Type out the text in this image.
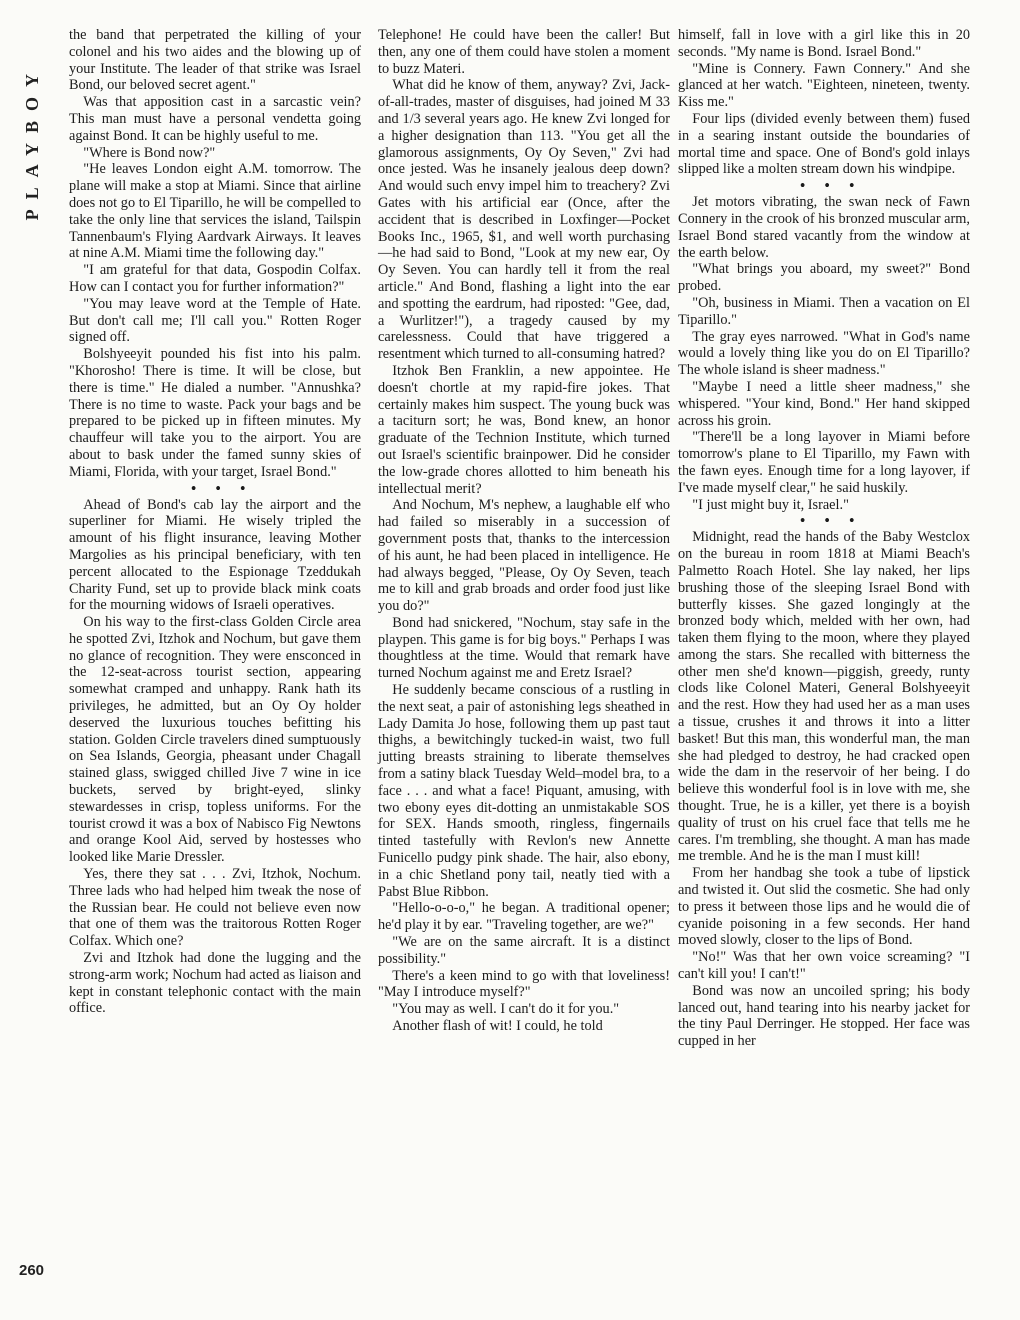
PLAYBOY
260

the band that perpetrated the killing of your colonel and his two aides and the blowing up of your Institute. The leader of that strike was Israel Bond, our beloved secret agent."

Was that apposition cast in a sarcastic vein? This man must have a personal vendetta going against Bond. It can be highly useful to me.

"Where is Bond now?"

"He leaves London eight A.M. tomorrow. The plane will make a stop at Miami. Since that airline does not go to El Tiparillo, he will be compelled to take the only line that services the island, Tailspin Tannenbaum's Flying Aardvark Airways. It leaves at nine A.M. Miami time the following day."

"I am grateful for that data, Gospodin Colfax. How can I contact you for further information?"

"You may leave word at the Temple of Hate. But don't call me; I'll call you." Rotten Roger signed off.

Bolshyeeyit pounded his fist into his palm. "Khorosho! There is time. It will be close, but there is time." He dialed a number. "Annushka? There is no time to waste. Pack your bags and be prepared to be picked up in fifteen minutes. My chauffeur will take you to the airport. You are about to bask under the famed sunny skies of Miami, Florida, with your target, Israel Bond."

• • •

Ahead of Bond's cab lay the airport and the superliner for Miami. He wisely tripled the amount of his flight insurance, leaving Mother Margolies as his principal beneficiary, with ten percent allocated to the Espionage Tzeddukah Charity Fund, set up to provide black mink coats for the mourning widows of Israeli operatives.

On his way to the first-class Golden Circle area he spotted Zvi, Itzhok and Nochum, but gave them no glance of recognition. They were ensconced in the 12-seat-across tourist section, appearing somewhat cramped and unhappy. Rank hath its privileges, he admitted, but an Oy Oy holder deserved the luxurious touches befitting his station. Golden Circle travelers dined sumptuously on Sea Islands, Georgia, pheasant under Chagall stained glass, swigged chilled Jive 7 wine in ice buckets, served by bright-eyed, slinky stewardesses in crisp, topless uniforms. For the tourist crowd it was a box of Nabisco Fig Newtons and orange Kool Aid, served by hostesses who looked like Marie Dressler.

Yes, there they sat . . . Zvi, Itzhok, Nochum. Three lads who had helped him tweak the nose of the Russian bear. He could not believe even now that one of them was the traitorous Rotten Roger Colfax. Which one?

Zvi and Itzhok had done the lugging and the strong-arm work; Nochum had acted as liaison and kept in constant telephonic contact with the main office.

Telephone! He could have been the caller! But then, any one of them could have stolen a moment to buzz Materi.

What did he know of them, anyway? Zvi, Jack-of-all-trades, master of disguises, had joined M 33 and 1/3 several years ago. He knew Zvi longed for a higher designation than 113. "You get all the glamorous assignments, Oy Oy Seven," Zvi had once jested. Was he insanely jealous deep down? And would such envy impel him to treachery? Zvi Gates with his artificial ear (Once, after the accident that is described in Loxfinger—Pocket Books Inc., 1965, $1, and well worth purchasing—he had said to Bond, "Look at my new ear, Oy Oy Seven. You can hardly tell it from the real article." And Bond, flashing a light into the ear and spotting the eardrum, had riposted: "Gee, dad, a Wurlitzer!"), a tragedy caused by my carelessness. Could that have triggered a resentment which turned to all-consuming hatred?

Itzhok Ben Franklin, a new appointee. He doesn't chortle at my rapid-fire jokes. That certainly makes him suspect. The young buck was a taciturn sort; he was, Bond knew, an honor graduate of the Technion Institute, which turned out Israel's scientific brainpower. Did he consider the low-grade chores allotted to him beneath his intellectual merit?

And Nochum, M's nephew, a laughable elf who had failed so miserably in a succession of government posts that, thanks to the intercession of his aunt, he had been placed in intelligence. He had always begged, "Please, Oy Oy Seven, teach me to kill and grab broads and order food just like you do?"

Bond had snickered, "Nochum, stay safe in the playpen. This game is for big boys." Perhaps I was thoughtless at the time. Would that remark have turned Nochum against me and Eretz Israel?

He suddenly became conscious of a rustling in the next seat, a pair of astonishing legs sheathed in Lady Damita Jo hose, following them up past taut thighs, a bewitchingly tucked-in waist, two full jutting breasts straining to liberate themselves from a satiny black Tuesday Weld–model bra, to a face . . . and what a face! Piquant, amusing, with two ebony eyes dit-dotting an unmistakable SOS for SEX. Hands smooth, ringless, fingernails tinted tastefully with Revlon's new Annette Funicello pudgy pink shade. The hair, also ebony, in a chic Shetland pony tail, neatly tied with a Pabst Blue Ribbon.

"Hello-o-o-o," he began. A traditional opener; he'd play it by ear. "Traveling together, are we?"

"We are on the same aircraft. It is a distinct possibility."

There's a keen mind to go with that loveliness! "May I introduce myself?"

"You may as well. I can't do it for you."

Another flash of wit! I could, he told

himself, fall in love with a girl like this in 20 seconds. "My name is Bond. Israel Bond."

"Mine is Connery. Fawn Connery." And she glanced at her watch. "Eighteen, nineteen, twenty. Kiss me."

Four lips (divided evenly between them) fused in a searing instant outside the boundaries of mortal time and space. One of Bond's gold inlays slipped like a molten stream down his windpipe.

• • •

Jet motors vibrating, the swan neck of Fawn Connery in the crook of his bronzed muscular arm, Israel Bond stared vacantly from the window at the earth below.

"What brings you aboard, my sweet?" Bond probed.

"Oh, business in Miami. Then a vacation on El Tiparillo."

The gray eyes narrowed. "What in God's name would a lovely thing like you do on El Tiparillo? The whole island is sheer madness."

"Maybe I need a little sheer madness," she whispered. "Your kind, Bond." Her hand skipped across his groin.

"There'll be a long layover in Miami before tomorrow's plane to El Tiparillo, my Fawn with the fawn eyes. Enough time for a long layover, if I've made myself clear," he said huskily.

"I just might buy it, Israel."

• • •

Midnight, read the hands of the Baby Westclox on the bureau in room 1818 at Miami Beach's Palmetto Roach Hotel. She lay naked, her lips brushing those of the sleeping Israel Bond with butterfly kisses. She gazed longingly at the bronzed body which, melded with her own, had taken them flying to the moon, where they played among the stars. She recalled with bitterness the other men she'd known—piggish, greedy, runty clods like Colonel Materi, General Bolshyeeyit and the rest. How they had used her as a man uses a tissue, crushes it and throws it into a litter basket! But this man, this wonderful man, the man she had pledged to destroy, he had cracked open wide the dam in the reservoir of her being. I do believe this wonderful fool is in love with me, she thought. True, he is a killer, yet there is a boyish quality of trust on his cruel face that tells me he cares. I'm trembling, she thought. A man has made me tremble. And he is the man I must kill!

From her handbag she took a tube of lipstick and twisted it. Out slid the cosmetic. She had only to press it between those lips and he would die of cyanide poisoning in a few seconds. Her hand moved slowly, closer to the lips of Bond.

"No!" Was that her own voice screaming? "I can't kill you! I can't!"

Bond was now an uncoiled spring; his body lanced out, hand tearing into his nearby jacket for the tiny Paul Derringer. He stopped. Her face was cupped in her
